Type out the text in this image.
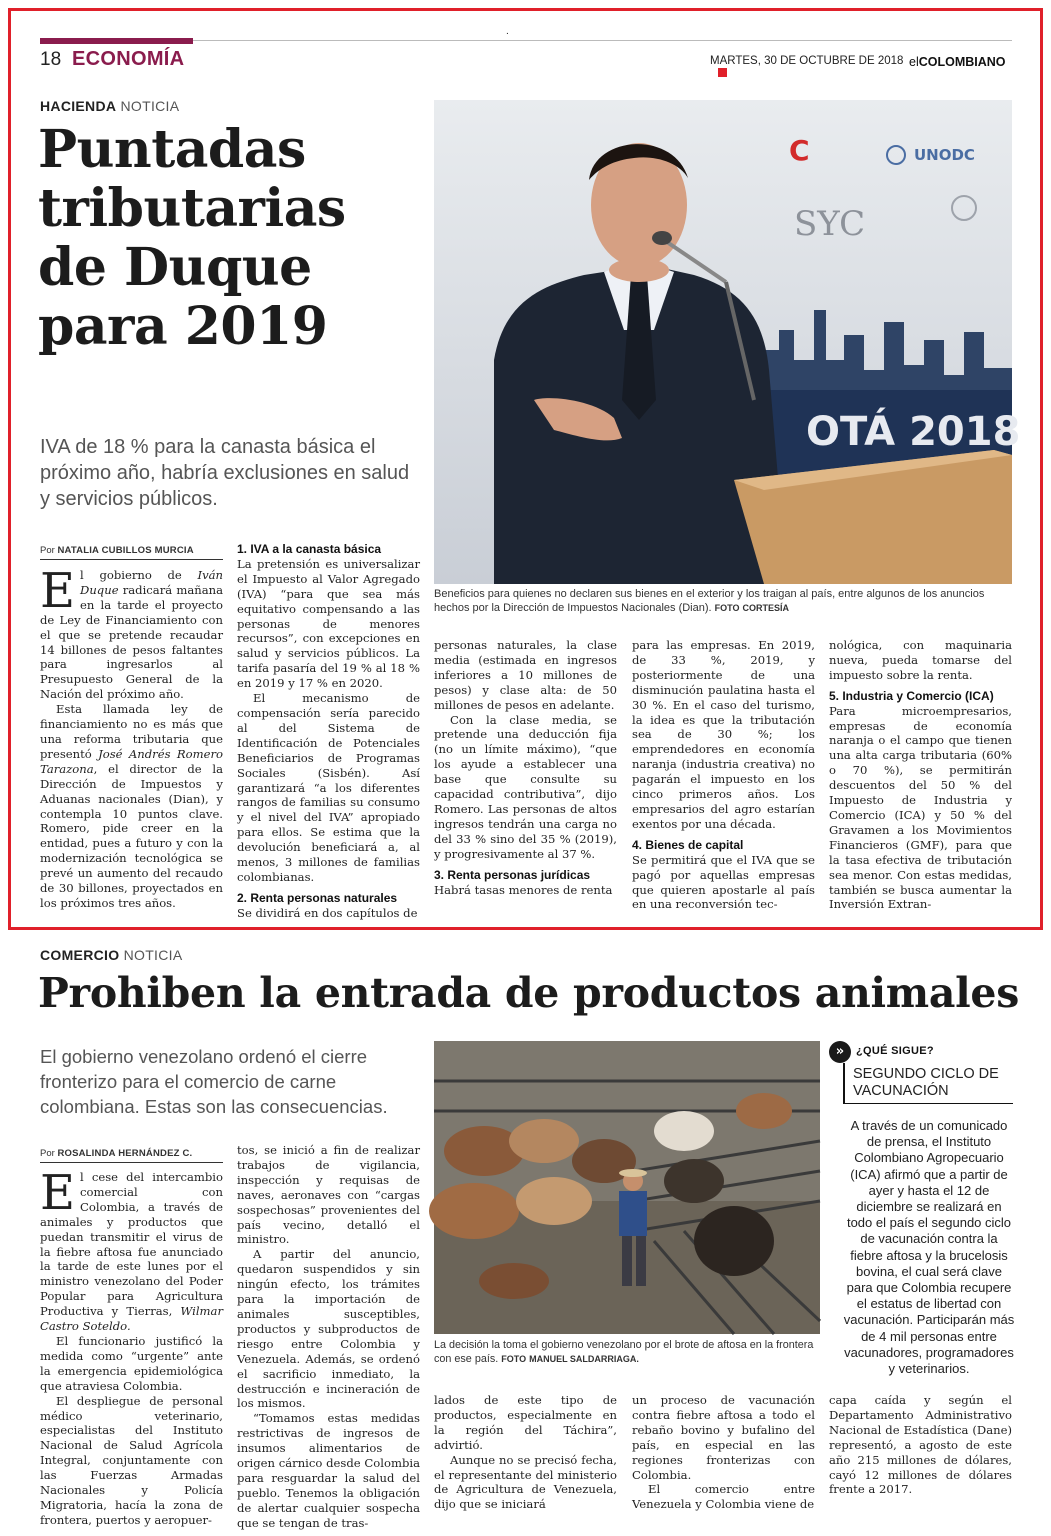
.
18 ECONOMÍA	MARTES, 30 DE OCTUBRE DE 2018 elCOLOMBIANO
HACIENDA NOTICIA
Puntadas
tributarias
de Duque
para 2019
IVA de 18 % para la canasta básica el próximo año, habría exclusiones en salud y servicios públicos.
Por NATALIA CUBILLOS MURCIA

El gobierno de Iván Duque radicará mañana en la tarde el proyecto de Ley de Financiamiento con el que se pretende recaudar 14 billones de pesos faltantes para ingresarlos al Presupuesto General de la Nación del próximo año.

Esta llamada ley de financiamiento no es más que una reforma tributaria que presentó José Andrés Romero Tarazona, el director de la Dirección de Impuestos y Aduanas nacionales (Dian), y contempla 10 puntos clave. Romero, pide creer en la entidad, pues a futuro y con la modernización tecnológica se prevé un aumento del recaudo de 30 billones, proyectados en los próximos tres años.

1. IVA a la canasta básica

La pretensión es universalizar el Impuesto al Valor Agregado (IVA) “para que sea más equitativo compensando a las personas de menores recursos”, con excepciones en salud y servicios públicos. La tarifa pasaría del 19 % al 18 % en 2019 y 17 % en 2020.

El mecanismo de compensación sería parecido al del Sistema de Identificación de Potenciales Beneficiarios de Programas Sociales (Sisbén). Así garantizará “a los diferentes rangos de familias su consumo y el nivel del IVA” apropiado para ellos. Se estima que la devolución beneficiará a, al menos, 3 millones de familias colombianas.

2. Renta personas naturales

Se dividirá en dos capítulos de

OTÁ 2018
C
SYC
UNODC
Beneficios para quienes no declaren sus bienes en el exterior y los traigan al país, entre algunos de los anuncios hechos por la Dirección de Impuestos Nacionales (Dian). FOTO CORTESÍA

personas naturales, la clase media (estimada en ingresos inferiores a 10 millones de pesos) y clase alta: de 50 millones de pesos en adelante.

Con la clase media, se pretende una deducción fija (no un límite máximo), “que los ayude a establecer una base que consulte su capacidad contributiva”, dijo Romero. Las personas de altos ingresos tendrán una carga no del 33 % sino del 35 % (2019), y progresivamente al 37 %.

3. Renta personas jurídicas

Habrá tasas menores de renta

para las empresas. En 2019, de 33 %, 2019, y posteriormente de una disminución paulatina hasta el 30 %. En el caso del turismo, la idea es que la tributación sea de 30 %; los emprendedores en economía naranja (industria creativa) no pagarán el impuesto en los cinco primeros años. Los empresarios del agro estarían exentos por una década.

4. Bienes de capital

Se permitirá que el IVA que se pagó por aquellas empresas que quieren apostarle al país en una reconversión tec-

nológica, con maquinaria nueva, pueda tomarse del impuesto sobre la renta.

5. Industria y Comercio (ICA)

Para microempresarios, empresas de economía naranja o el campo que tienen una alta carga tributaria (60% o 70 %), se permitirán descuentos del 50 % del Impuesto de Industria y Comercio (ICA) y 50 % del Gravamen a los Movimientos Financieros (GMF), para que la tasa efectiva de tributación sea menor. Con estas medidas, también se busca aumentar la Inversión Extran-

COMERCIO NOTICIA
Prohiben la entrada de productos animales
El gobierno venezolano ordenó el cierre fronterizo para el comercio de carne colombiana. Estas son las consecuencias.
Por ROSALINDA HERNÁNDEZ C.

El cese del intercambio comercial con Colombia, a través de animales y productos que puedan transmitir el virus de la fiebre aftosa fue anunciado la tarde de este lunes por el ministro venezolano del Poder Popular para Agricultura Productiva y Tierras, Wilmar Castro Soteldo.

El funcionario justificó la medida como “urgente” ante la emergencia epidemiológica que atraviesa Colombia.

El despliegue de personal médico veterinario, especialistas del Instituto Nacional de Salud Agrícola Integral, conjuntamente con las Fuerzas Armadas Nacionales y Policía Migratoria, hacía la zona de frontera, puertos y aeropuer-

tos, se inició a fin de realizar trabajos de vigilancia, inspección y requisas de naves, aeronaves con “cargas sospechosas” provenientes del país vecino, detalló el ministro.

A partir del anuncio, quedaron suspendidos y sin ningún efecto, los trámites para la importación de animales susceptibles, productos y subproductos de riesgo entre Colombia y Venezuela. Además, se ordenó el sacrificio inmediato, la destrucción e incineración de los mismos.

“Tomamos estas medidas restrictivas de ingresos de insumos alimentarios de origen cárnico desde Colombia para resguardar la salud del pueblo. Tenemos la obligación de alertar cualquier sospecha que se tengan de tras-

La decisión la toma el gobierno venezolano por el brote de aftosa en la frontera con ese país. FOTO MANUEL SALDARRIAGA.

lados de este tipo de productos, especialmente en la región del Táchira”, advirtió.

Aunque no se precisó fecha, el representante del ministerio de Agricultura de Venezuela, dijo que se iniciará

un proceso de vacunación contra fiebre aftosa a todo el rebaño bovino y bufalino del país, en especial en las regiones fronterizas con Colombia.

El comercio entre Venezuela y Colombia viene de

capa caída y según el Departamento Administrativo Nacional de Estadística (Dane) representó, a agosto de este año 215 millones de dólares, cayó 12 millones de dólares frente a 2017.

»	¿QUÉ SIGUE?
SEGUNDO CICLO DE VACUNACIÓN
A través de un comunicado de prensa, el Instituto Colombiano Agropecuario (ICA) afirmó que a partir de ayer y hasta el 12 de diciembre se realizará en todo el país el segundo ciclo de vacunación contra la fiebre aftosa y la brucelosis bovina, el cual será clave para que Colombia recupere el estatus de libertad con vacunación. Participarán más de 4 mil personas entre vacunadores, programadores y veterinarios.
